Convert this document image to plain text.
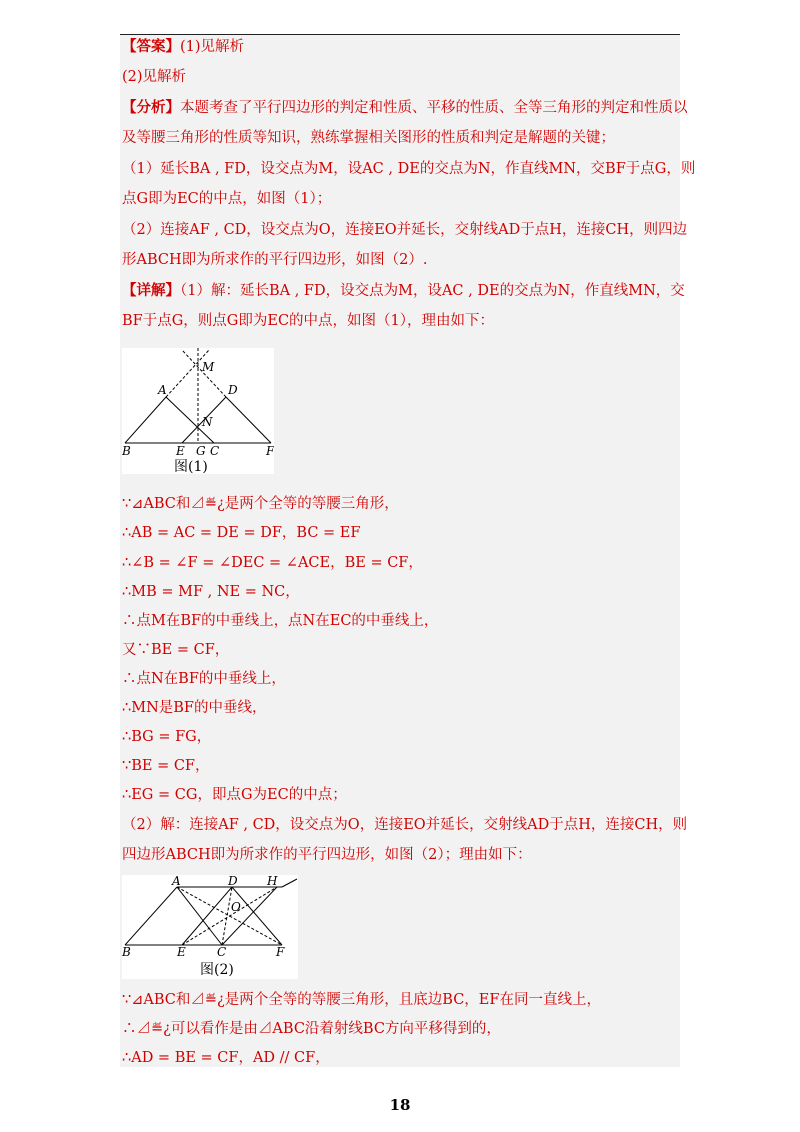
【答案】(1)见解析
(2)见解析
【分析】本题考查了平行四边形的判定和性质、平移的性质、全等三角形的判定和性质以
及等腰三角形的性质等知识，熟练掌握相关图形的性质和判定是解题的关键；
（1）延长BA , FD，设交点为M，设AC , DE的交点为N，作直线MN，交BF于点G，则
点G即为EC的中点，如图（1）；
（2）连接AF , CD，设交点为O，连接EO并延长，交射线AD于点H，连接CH，则四边
形ABCH即为所求作的平行四边形，如图（2）.
【详解】（1）解：延长BA , FD，设交点为M，设AC , DE的交点为N，作直线MN，交
BF于点G，则点G即为EC的中点，如图（1），理由如下：
M
A	D
N
B	E G C	F
图(1)
∵⊿ABC和⊿≝¿是两个全等的等腰三角形，
∴AB = AC = DE = DF，BC = EF
∴∠B = ∠F = ∠DEC = ∠ACE，BE = CF，
∴MB = MF , NE = NC，
∴点M在BF的中垂线上，点N在EC的中垂线上，
又∵BE = CF，
∴点N在BF的中垂线上，
∴MN是BF的中垂线，
∴BG = FG，
∵BE = CF，
∴EG = CG，即点G为EC的中点；
（2）解：连接AF , CD，设交点为O，连接EO并延长，交射线AD于点H，连接CH，则
四边形ABCH即为所求作的平行四边形，如图（2）；理由如下：
A	D H
O
B	E	C	F
图(2)
∵⊿ABC和⊿≝¿是两个全等的等腰三角形，且底边BC，EF在同一直线上，
∴⊿≝¿可以看作是由⊿ABC沿着射线BC方向平移得到的，
∴AD = BE = CF，AD // CF，
18
